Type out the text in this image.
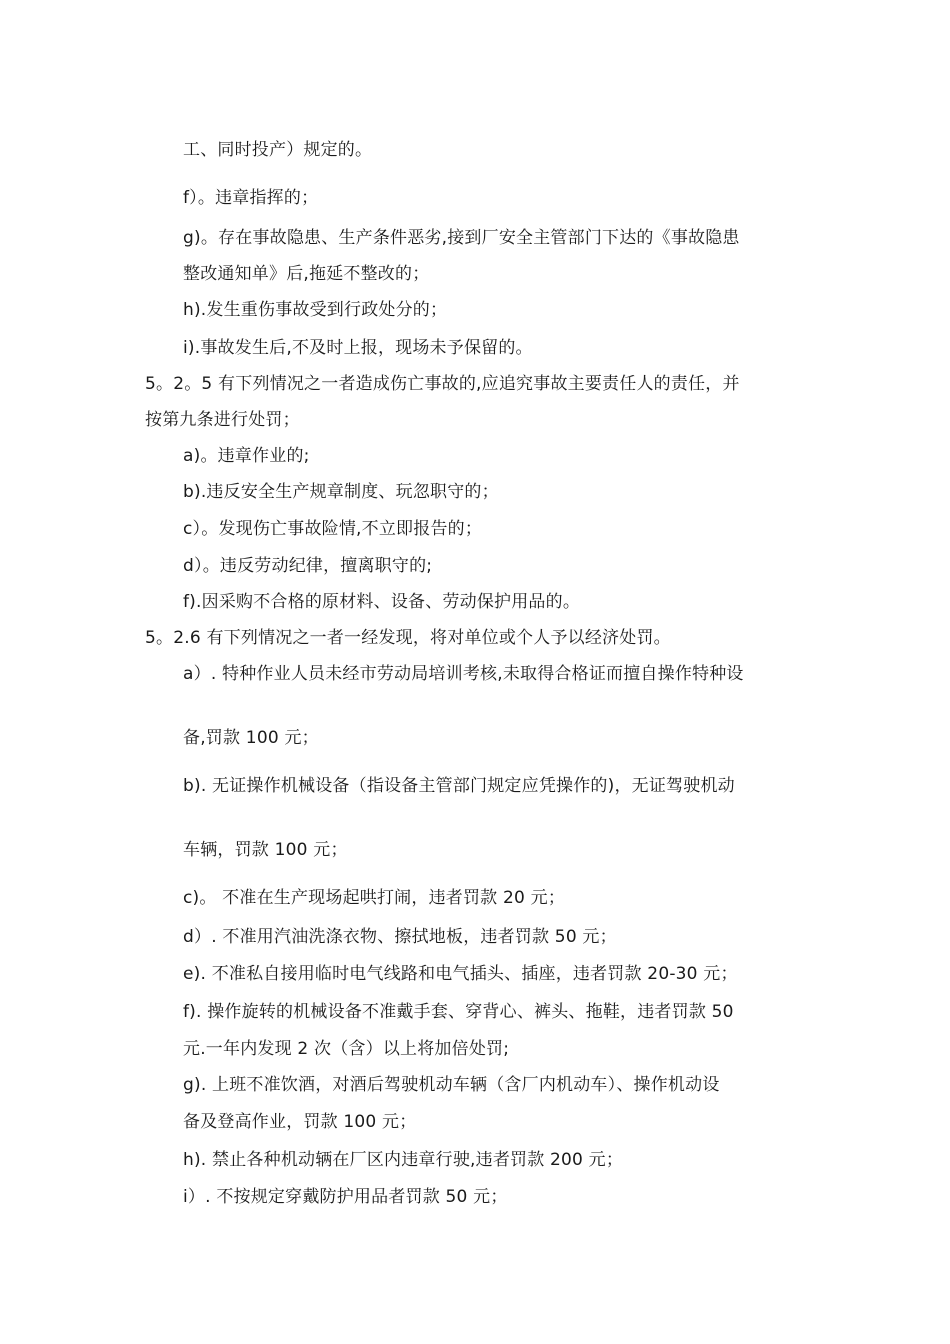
工、同时投产）规定的。
f）。违章指挥的；
g)。存在事故隐患、生产条件恶劣,接到厂安全主管部门下达的《事故隐患
整改通知单》后,拖延不整改的；
h).发生重伤事故受到行政处分的；
i).事故发生后,不及时上报，现场未予保留的。
5。2。5 有下列情况之一者造成伤亡事故的,应追究事故主要责任人的责任，并
按第九条进行处罚；
a)。违章作业的;
b).违反安全生产规章制度、玩忽职守的；
c）。发现伤亡事故险情,不立即报告的；
d）。违反劳动纪律，擅离职守的;
f).因采购不合格的原材料、设备、劳动保护用品的。
5。2.6 有下列情况之一者一经发现，将对单位或个人予以经济处罚。
a）. 特种作业人员未经市劳动局培训考核,未取得合格证而擅自操作特种设
备,罚款 100 元；
b). 无证操作机械设备（指设备主管部门规定应凭操作的)，无证驾驶机动
车辆，罚款 100 元；
c)。 不准在生产现场起哄打闹，违者罚款 20 元；
d）. 不准用汽油洗涤衣物、擦拭地板，违者罚款 50 元；
e). 不准私自接用临时电气线路和电气插头、插座，违者罚款 20-30 元；
f). 操作旋转的机械设备不准戴手套、穿背心、裤头、拖鞋，违者罚款 50
元.一年内发现 2 次（含）以上将加倍处罚;
g). 上班不准饮酒，对酒后驾驶机动车辆（含厂内机动车）、操作机动设
备及登高作业，罚款 100 元；
h). 禁止各种机动辆在厂区内违章行驶,违者罚款 200 元；
i）. 不按规定穿戴防护用品者罚款 50 元；
